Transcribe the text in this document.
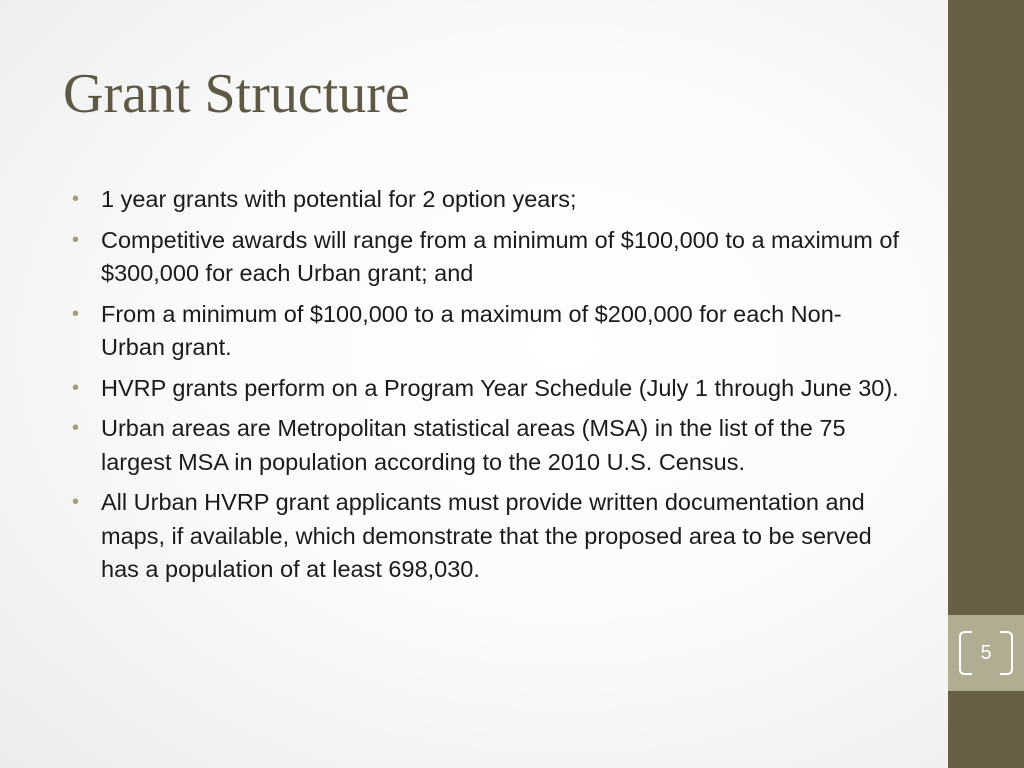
Grant Structure
• 1 year grants with potential for 2 option years;
• Competitive awards will range from a minimum of $100,000 to a maximum of $300,000 for each Urban grant; and
• From a minimum of $100,000 to a maximum of $200,000 for each Non-Urban grant.
• HVRP grants perform on a Program Year Schedule (July 1 through June 30).
• Urban areas are Metropolitan statistical areas (MSA) in the list of the 75 largest MSA in population according to the 2010 U.S. Census.
• All Urban HVRP grant applicants must provide written documentation and maps, if available, which demonstrate that the proposed area to be served has a population of at least 698,030.
5
